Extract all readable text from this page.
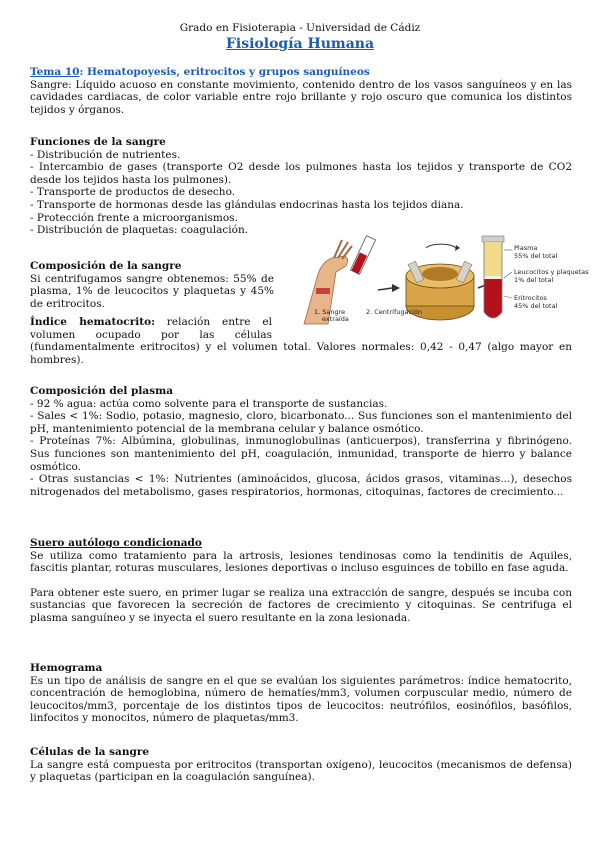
Grado en Fisioterapia - Universidad de Cádiz
Fisiología Humana

Tema 10: Hematopoyesis, eritrocitos y grupos sanguíneos

Sangre: Líquido acuoso en constante movimiento, contenido dentro de los vasos sanguíneos y en las cavidades cardiacas, de color variable entre rojo brillante y rojo oscuro que comunica los distintos tejidos y órganos.

Funciones de la sangre

- Distribución de nutrientes.

- Intercambio de gases (transporte O2 desde los pulmones hasta los tejidos y transporte de CO2 desde los tejidos hasta los pulmones).

- Transporte de productos de desecho.

- Transporte de hormonas desde las glándulas endocrinas hasta los tejidos diana.

- Protección frente a microorganismos.

- Distribución de plaquetas: coagulación.

Composición de la sangre

Si centrifugamos sangre obtenemos: 55% de plasma, 1% de leucocitos y plaquetas y 45% de eritrocitos.

Índice hematocrito: relación entre el volumen ocupado por las células (fundamentalmente eritrocitos) y el volumen total. Valores normales: 0,42 - 0,47 (algo mayor en hombres).

1. Sangre
extraída
2. Centrifugación
Plasma
55% del total
Leucocitos y plaquetas
1% del total
Eritrocitos
45% del total

Composición del plasma

- 92 % agua: actúa como solvente para el transporte de sustancias.

- Sales < 1%: Sodio, potasio, magnesio, cloro, bicarbonato... Sus funciones son el mantenimiento del pH, mantenimiento potencial de la membrana celular y balance osmótico.

- Proteínas 7%: Albúmina, globulinas, inmunoglobulinas (anticuerpos), transferrina y fibrinógeno. Sus funciones son mantenimiento del pH, coagulación, inmunidad, transporte de hierro y balance osmótico.

- Otras sustancias < 1%: Nutrientes (aminoácidos, glucosa, ácidos grasos, vitaminas...), desechos nitrogenados del metabolismo, gases respiratorios, hormonas, citoquinas, factores de crecimiento...

Suero autólogo condicionado

Se utiliza como tratamiento para la artrosis, lesiones tendinosas como la tendinitis de Aquiles, fascitis plantar, roturas musculares, lesiones deportivas o incluso esguinces de tobillo en fase aguda.

Para obtener este suero, en primer lugar se realiza una extracción de sangre, después se incuba con sustancias que favorecen la secreción de factores de crecimiento y citoquinas. Se centrifuga el plasma sanguíneo y se inyecta el suero resultante en la zona lesionada.

Hemograma

Es un tipo de análisis de sangre en el que se evalúan los siguientes parámetros: índice hematocrito, concentración de hemoglobina, número de hematíes/mm3, volumen corpuscular medio, número de leucocitos/mm3, porcentaje de los distintos tipos de leucocitos: neutrófilos, eosinófilos, basófilos, linfocitos y monocitos, número de plaquetas/mm3.

Células de la sangre

La sangre está compuesta por eritrocitos (transportan oxígeno), leucocitos (mecanismos de defensa) y plaquetas (participan en la coagulación sanguínea).
